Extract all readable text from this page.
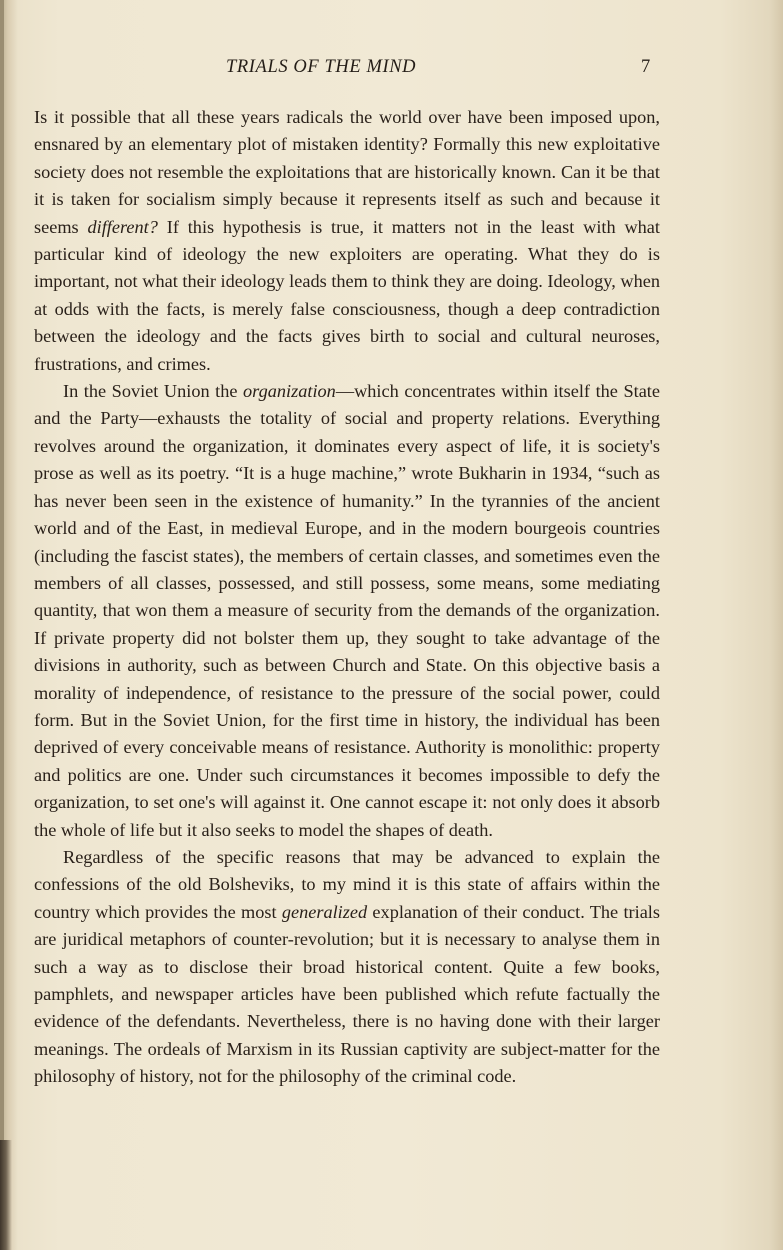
TRIALS OF THE MIND	7

Is it possible that all these years radicals the world over have been imposed upon, ensnared by an elementary plot of mistaken identity? Formally this new exploitative society does not resemble the exploitations that are historically known. Can it be that it is taken for socialism simply because it represents itself as such and because it seems different? If this hypothesis is true, it matters not in the least with what particular kind of ideology the new exploiters are operating. What they do is important, not what their ideology leads them to think they are doing. Ideology, when at odds with the facts, is merely false consciousness, though a deep contradiction between the ideology and the facts gives birth to social and cultural neuroses, frustrations, and crimes.

In the Soviet Union the organization—which concentrates within itself the State and the Party—exhausts the totality of social and property relations. Everything revolves around the organization, it dominates every aspect of life, it is society's prose as well as its poetry. “It is a huge machine,” wrote Bukharin in 1934, “such as has never been seen in the existence of humanity.” In the tyrannies of the ancient world and of the East, in medieval Europe, and in the modern bourgeois countries (including the fascist states), the members of certain classes, and sometimes even the members of all classes, possessed, and still possess, some means, some mediating quantity, that won them a measure of security from the demands of the organization. If private property did not bolster them up, they sought to take advantage of the divisions in authority, such as between Church and State. On this objective basis a morality of independence, of resistance to the pressure of the social power, could form. But in the Soviet Union, for the first time in history, the individual has been deprived of every conceivable means of resistance. Authority is monolithic: property and politics are one. Under such circumstances it becomes impossible to defy the organization, to set one's will against it. One cannot escape it: not only does it absorb the whole of life but it also seeks to model the shapes of death.

Regardless of the specific reasons that may be advanced to explain the confessions of the old Bolsheviks, to my mind it is this state of affairs within the country which provides the most generalized explanation of their conduct. The trials are juridical metaphors of counter-revolution; but it is necessary to analyse them in such a way as to disclose their broad historical content. Quite a few books, pamphlets, and newspaper articles have been published which refute factually the evidence of the defendants. Nevertheless, there is no having done with their larger meanings. The ordeals of Marxism in its Russian captivity are subject-matter for the philosophy of history, not for the philosophy of the criminal code.
